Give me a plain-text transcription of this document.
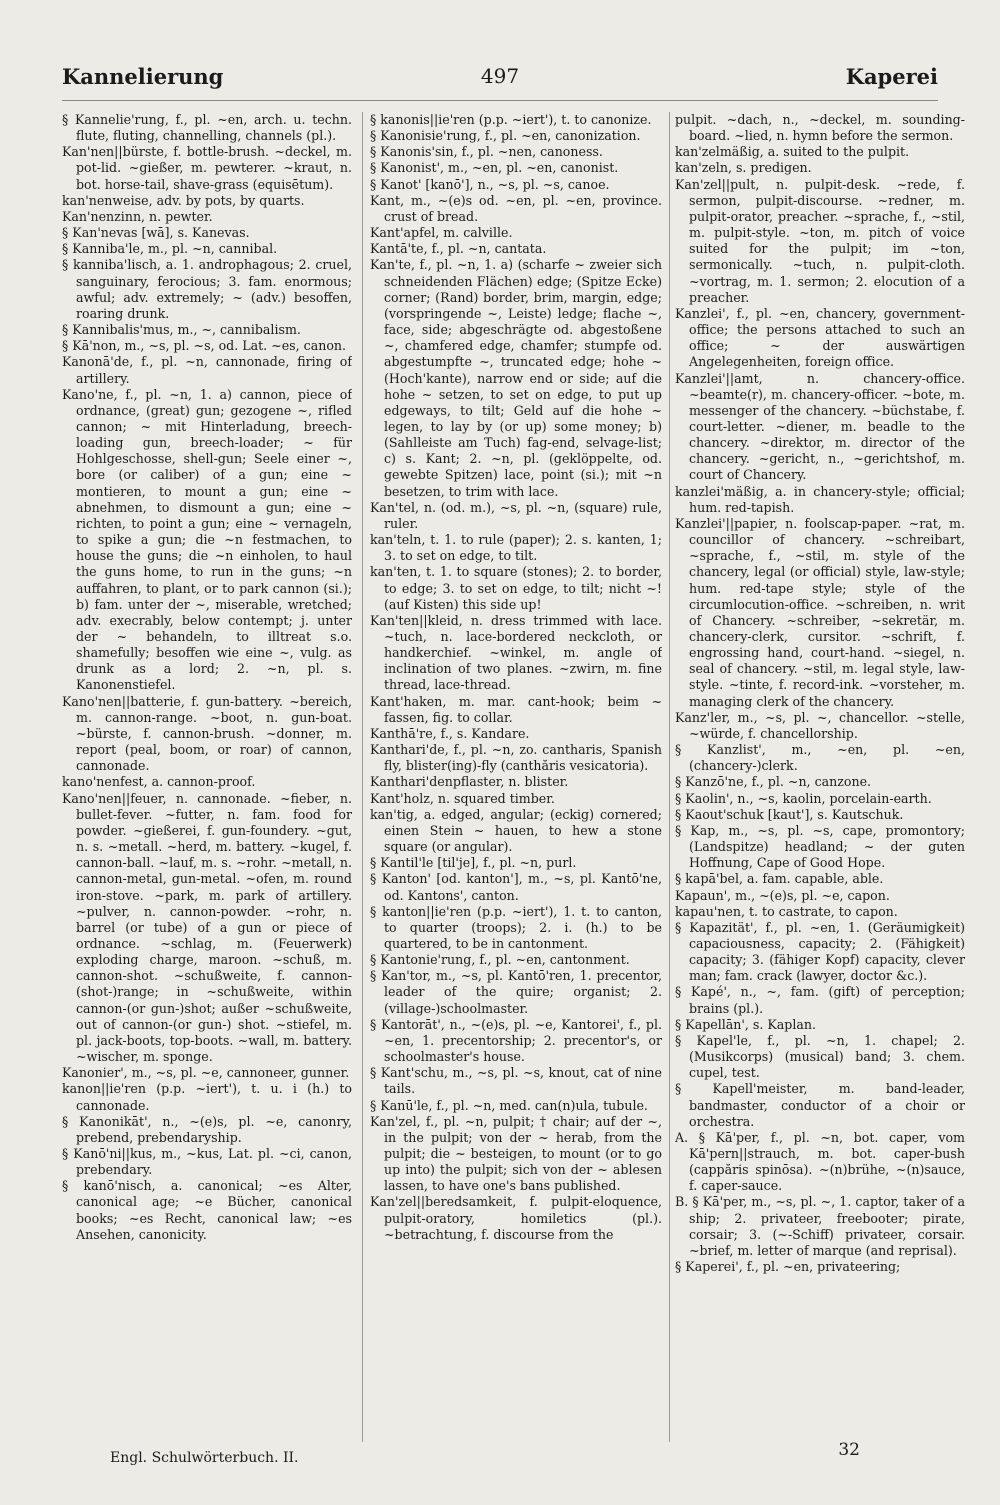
Kannelierung	497	Kaperei

§ Kannelie'rung, f., pl. ~en, arch. u. techn. flute, fluting, channelling, channels (pl.).

Kan'nen||bürste, f. bottle-brush. ~deckel, m. pot-lid. ~gießer, m. pewterer. ~kraut, n. bot. horse-tail, shave-grass (equisētum).

kan'nenweise, adv. by pots, by quarts.

Kan'nenzinn, n. pewter.

§ Kan'nevas [wā], s. Kanevas.

§ Kanniba'le, m., pl. ~n, cannibal.

§ kanniba'lisch, a. 1. androphagous; 2. cruel, sanguinary, ferocious; 3. fam. enormous; awful; adv. extremely; ~ (adv.) besoffen, roaring drunk.

§ Kannibalis'mus, m., ~, cannibalism.

§ Kā'non, m., ~s, pl. ~s, od. Lat. ~es, canon.

Kanonā'de, f., pl. ~n, cannonade, firing of artillery.

Kano'ne, f., pl. ~n, 1. a) cannon, piece of ordnance, (great) gun; gezogene ~, rifled cannon; ~ mit Hinterladung, breech-loading gun, breech-loader; ~ für Hohlgeschosse, shell-gun; Seele einer ~, bore (or caliber) of a gun; eine ~ montieren, to mount a gun; eine ~ abnehmen, to dismount a gun; eine ~ richten, to point a gun; eine ~ vernageln, to spike a gun; die ~n festmachen, to house the guns; die ~n einholen, to haul the guns home, to run in the guns; ~n auffahren, to plant, or to park cannon (si.); b) fam. unter der ~, miserable, wretched; adv. execrably, below contempt; j. unter der ~ behandeln, to illtreat s.o. shamefully; besoffen wie eine ~, vulg. as drunk as a lord; 2. ~n, pl. s. Kanonenstiefel.

Kano'nen||batterie, f. gun-battery. ~bereich, m. cannon-range. ~boot, n. gun-boat. ~bürste, f. cannon-brush. ~donner, m. report (peal, boom, or roar) of cannon, cannonade.

kano'nenfest, a. cannon-proof.

Kano'nen||feuer, n. cannonade. ~fieber, n. bullet-fever. ~futter, n. fam. food for powder. ~gießerei, f. gun-foundery. ~gut, n. s. ~metall. ~herd, m. battery. ~kugel, f. cannon-ball. ~lauf, m. s. ~rohr. ~metall, n. cannon-metal, gun-metal. ~ofen, m. round iron-stove. ~park, m. park of artillery. ~pulver, n. cannon-powder. ~rohr, n. barrel (or tube) of a gun or piece of ordnance. ~schlag, m. (Feuerwerk) exploding charge, maroon. ~schuß, m. cannon-shot. ~schußweite, f. cannon-(shot-)range; in ~schußweite, within cannon-(or gun-)shot; außer ~schußweite, out of cannon-(or gun-) shot. ~stiefel, m. pl. jack-boots, top-boots. ~wall, m. battery. ~wischer, m. sponge.

Kanonier', m., ~s, pl. ~e, cannoneer, gunner.

kanon||ie'ren (p.p. ~iert'), t. u. i (h.) to cannonade.

§ Kanonikāt', n., ~(e)s, pl. ~e, canonry, prebend, prebendaryship.

§ Kanō'ni||kus, m., ~kus, Lat. pl. ~ci, canon, prebendary.

§ kanō'nisch, a. canonical; ~es Alter, canonical age; ~e Bücher, canonical books; ~es Recht, canonical law; ~es Ansehen, canonicity.

§ kanonis||ie'ren (p.p. ~iert'), t. to canonize.

§ Kanonisie'rung, f., pl. ~en, canonization.

§ Kanonis'sin, f., pl. ~nen, canoness.

§ Kanonist', m., ~en, pl. ~en, canonist.

§ Kanot' [kanō'], n., ~s, pl. ~s, canoe.

Kant, m., ~(e)s od. ~en, pl. ~en, province. crust of bread.

Kant'apfel, m. calville.

Kantā'te, f., pl. ~n, cantata.

Kan'te, f., pl. ~n, 1. a) (scharfe ~ zweier sich schneidenden Flächen) edge; (Spitze Ecke) corner; (Rand) border, brim, margin, edge; (vorspringende ~, Leiste) ledge; flache ~, face, side; abgeschrägte od. abgestoßene ~, chamfered edge, chamfer; stumpfe od. abgestumpfte ~, truncated edge; hohe ~ (Hoch'kante), narrow end or side; auf die hohe ~ setzen, to set on edge, to put up edgeways, to tilt; Geld auf die hohe ~ legen, to lay by (or up) some money; b) (Sahlleiste am Tuch) fag-end, selvage-list; c) s. Kant; 2. ~n, pl. (geklöppelte, od. gewebte Spitzen) lace, point (si.); mit ~n besetzen, to trim with lace.

Kan'tel, n. (od. m.), ~s, pl. ~n, (square) rule, ruler.

kan'teln, t. 1. to rule (paper); 2. s. kanten, 1; 3. to set on edge, to tilt.

kan'ten, t. 1. to square (stones); 2. to border, to edge; 3. to set on edge, to tilt; nicht ~! (auf Kisten) this side up!

Kan'ten||kleid, n. dress trimmed with lace. ~tuch, n. lace-bordered neckcloth, or handkerchief. ~winkel, m. angle of inclination of two planes. ~zwirn, m. fine thread, lace-thread.

Kant'haken, m. mar. cant-hook; beim ~ fassen, fig. to collar.

Kanthā're, f., s. Kandare.

Kanthari'de, f., pl. ~n, zo. cantharis, Spanish fly, blister(ing)-fly (canthăris vesicatoria).

Kanthari'denpflaster, n. blister.

Kant'holz, n. squared timber.

kan'tig, a. edged, angular; (eckig) cornered; einen Stein ~ hauen, to hew a stone square (or angular).

§ Kantil'le [til'je], f., pl. ~n, purl.

§ Kanton' [od. kanton'], m., ~s, pl. Kantō'ne, od. Kantons', canton.

§ kanton||ie'ren (p.p. ~iert'), 1. t. to canton, to quarter (troops); 2. i. (h.) to be quartered, to be in cantonment.

§ Kantonie'rung, f., pl. ~en, cantonment.

§ Kan'tor, m., ~s, pl. Kantō'ren, 1. precentor, leader of the quire; organist; 2. (village-)schoolmaster.

§ Kantorāt', n., ~(e)s, pl. ~e, Kantorei', f., pl. ~en, 1. precentorship; 2. precentor's, or schoolmaster's house.

§ Kant'schu, m., ~s, pl. ~s, knout, cat of nine tails.

§ Kanū'le, f., pl. ~n, med. can(n)ula, tubule.

Kan'zel, f., pl. ~n, pulpit; † chair; auf der ~, in the pulpit; von der ~ herab, from the pulpit; die ~ besteigen, to mount (or to go up into) the pulpit; sich von der ~ ablesen lassen, to have one's bans published.

Kan'zel||beredsamkeit, f. pulpit-eloquence, pulpit-oratory, homiletics (pl.). ~betrachtung, f. discourse from the

pulpit. ~dach, n., ~deckel, m. sounding-board. ~lied, n. hymn before the sermon.

kan'zelmäßig, a. suited to the pulpit.

kan'zeln, s. predigen.

Kan'zel||pult, n. pulpit-desk. ~rede, f. sermon, pulpit-discourse. ~redner, m. pulpit-orator, preacher. ~sprache, f., ~stil, m. pulpit-style. ~ton, m. pitch of voice suited for the pulpit; im ~ton, sermonically. ~tuch, n. pulpit-cloth. ~vortrag, m. 1. sermon; 2. elocution of a preacher.

Kanzlei', f., pl. ~en, chancery, government-office; the persons attached to such an office; ~ der auswärtigen Angelegenheiten, foreign office.

Kanzlei'||amt, n. chancery-office. ~beamte(r), m. chancery-officer. ~bote, m. messenger of the chancery. ~büchstabe, f. court-letter. ~diener, m. beadle to the chancery. ~direktor, m. director of the chancery. ~gericht, n., ~gerichtshof, m. court of Chancery.

kanzlei'mäßig, a. in chancery-style; official; hum. red-tapish.

Kanzlei'||papier, n. foolscap-paper. ~rat, m. councillor of chancery. ~schreibart, ~sprache, f., ~stil, m. style of the chancery, legal (or official) style, law-style; hum. red-tape style; style of the circumlocution-office. ~schreiben, n. writ of Chancery. ~schreiber, ~sekretär, m. chancery-clerk, cursitor. ~schrift, f. engrossing hand, court-hand. ~siegel, n. seal of chancery. ~stil, m. legal style, law-style. ~tinte, f. record-ink. ~vorsteher, m. managing clerk of the chancery.

Kanz'ler, m., ~s, pl. ~, chancellor. ~stelle, ~würde, f. chancellorship.

§ Kanzlist', m., ~en, pl. ~en, (chancery-)clerk.

§ Kanzō'ne, f., pl. ~n, canzone.

§ Kaolin', n., ~s, kaolin, porcelain-earth.

§ Kaout'schuk [kaut'], s. Kautschuk.

§ Kap, m., ~s, pl. ~s, cape, promontory; (Landspitze) headland; ~ der guten Hoffnung, Cape of Good Hope.

§ kapā'bel, a. fam. capable, able.

Kapaun', m., ~(e)s, pl. ~e, capon.

kapau'nen, t. to castrate, to capon.

§ Kapazität', f., pl. ~en, 1. (Geräumigkeit) capaciousness, capacity; 2. (Fähigkeit) capacity; 3. (fähiger Kopf) capacity, clever man; fam. crack (lawyer, doctor &c.).

§ Kapé', n., ~, fam. (gift) of perception; brains (pl.).

§ Kapellān', s. Kaplan.

§ Kapel'le, f., pl. ~n, 1. chapel; 2. (Musikcorps) (musical) band; 3. chem. cupel, test.

§ Kapell'meister, m. band-leader, bandmaster, conductor of a choir or orchestra.

A. § Kā'per, f., pl. ~n, bot. caper, vom Kā'pern||strauch, m. bot. caper-bush (cappăris spinōsa). ~(n)brühe, ~(n)sauce, f. caper-sauce.

B. § Kā'per, m., ~s, pl. ~, 1. captor, taker of a ship; 2. privateer, freebooter; pirate, corsair; 3. (~-Schiff) privateer, corsair. ~brief, m. letter of marque (and reprisal).

§ Kaperei', f., pl. ~en, privateering;

Engl. Schulwörterbuch. II.	32
